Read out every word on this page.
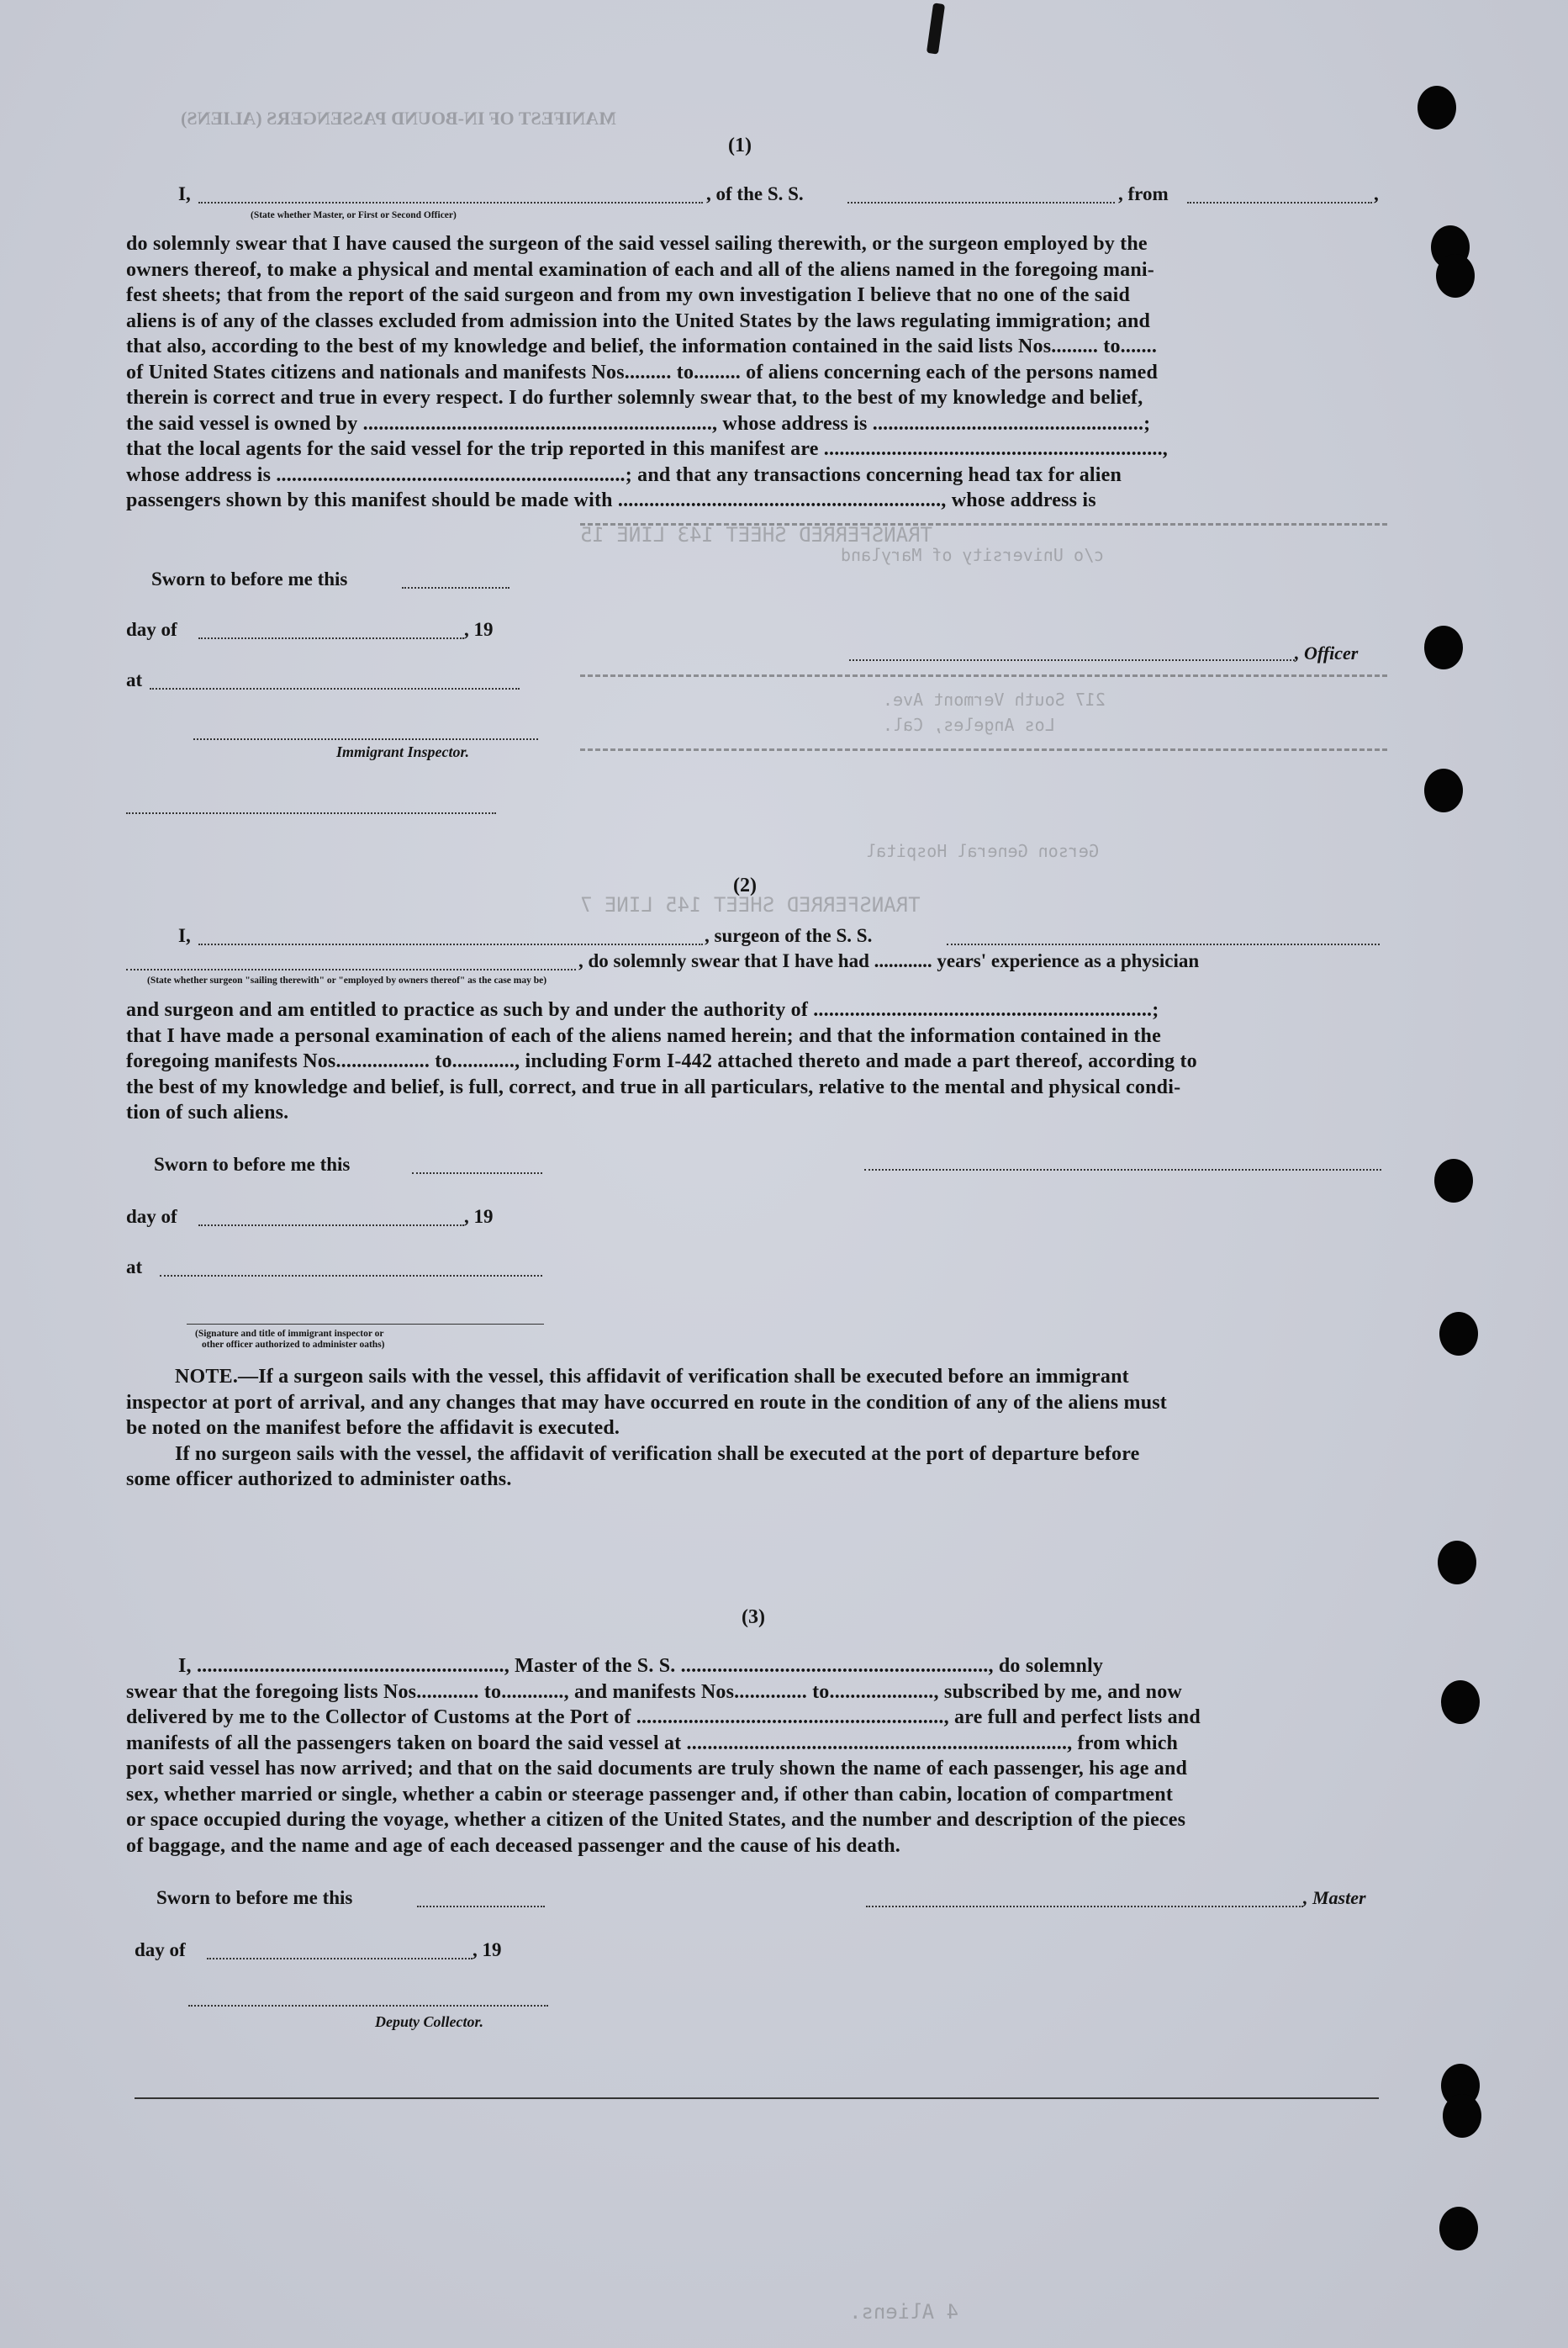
MANIFEST OF IN-BOUND PASSENGERS (ALIENS)
4 Aliens.
TRANSFERRED SHEET 143 LINE 15
TRANSFERRED SHEET 145 LINE 7
c/o University of Maryland
217 South Vermont Ave.
Los Angeles, Cal.
Gerson General Hospital
(1)
I,	, of the S. S.	, from	,
(State whether Master, or First or Second Officer)

do solemnly swear that I have caused the surgeon of the said vessel sailing therewith, or the surgeon employed by the

owners thereof, to make a physical and mental examination of each and all of the aliens named in the foregoing mani-

fest sheets; that from the report of the said surgeon and from my own investigation I believe that no one of the said

aliens is of any of the classes excluded from admission into the United States by the laws regulating immigration; and

that also, according to the best of my knowledge and belief, the information contained in the said lists Nos......... to.......

of United States citizens and nationals and manifests Nos......... to......... of aliens concerning each of the persons named

therein is correct and true in every respect. I do further solemnly swear that, to the best of my knowledge and belief,

the said vessel is owned by ..................................................................., whose address is ....................................................;

that the local agents for the said vessel for the trip reported in this manifest are .................................................................,

whose address is ...................................................................; and that any transactions concerning head tax for alien

passengers shown by this manifest should be made with .............................................................., whose address is

Sworn to before me this
day of	, 19
at
Immigrant Inspector.
, Officer
(2)
I,	, surgeon of the S. S.
, do solemnly swear that I have had ............ years' experience as a physician
(State whether surgeon "sailing therewith" or "employed by owners thereof" as the case may be)

and surgeon and am entitled to practice as such by and under the authority of .................................................................;

that I have made a personal examination of each of the aliens named herein; and that the information contained in the

foregoing manifests Nos.................. to............, including Form I-442 attached thereto and made a part thereof, according to

the best of my knowledge and belief, is full, correct, and true in all particulars, relative to the mental and physical condi-

tion of such aliens.

Sworn to before me this
day of	, 19
at
(Signature and title of immigrant inspector or
other officer authorized to administer oaths)

NOTE.—If a surgeon sails with the vessel, this affidavit of verification shall be executed before an immigrant

inspector at port of arrival, and any changes that may have occurred en route in the condition of any of the aliens must

be noted on the manifest before the affidavit is executed.

If no surgeon sails with the vessel, the affidavit of verification shall be executed at the port of departure before

some officer authorized to administer oaths.

(3)

I, ..........................................................., Master of the S. S. ..........................................................., do solemnly

swear that the foregoing lists Nos............ to............, and manifests Nos.............. to...................., subscribed by me, and now

delivered by me to the Collector of Customs at the Port of ..........................................................., are full and perfect lists and

manifests of all the passengers taken on board the said vessel at ........................................................................., from which

port said vessel has now arrived; and that on the said documents are truly shown the name of each passenger, his age and

sex, whether married or single, whether a cabin or steerage passenger and, if other than cabin, location of compartment

or space occupied during the voyage, whether a citizen of the United States, and the number and description of the pieces

of baggage, and the name and age of each deceased passenger and the cause of his death.

Sworn to before me this	, Master
day of	, 19
Deputy Collector.
